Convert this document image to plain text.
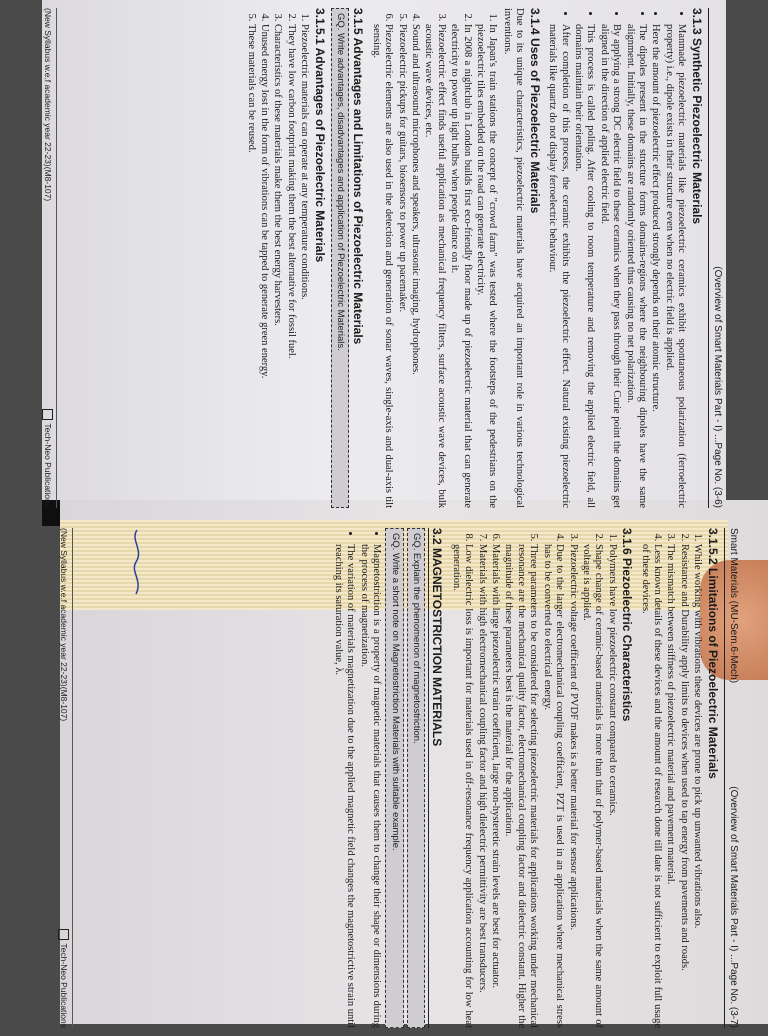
(Overview of Smart Materials Part - I) ...Page No. (3-6)
3.1.3 Synthetic Piezoelectric Materials
• Manmade piezoelectric materials like piezoelectric ceramics exhibit spontaneous polarization (ferroelectric property) i.e., dipole exists in their structure even when no electric field is applied.
• Here the amount of piezoelectric effect produced strongly depends on their atomic structure.
• The dipoles present in the structure forms domains-regions where the neighbouring dipoles have the same alignment. Initially, these domains are randomly oriented thus causing no net polarization.
• By applying a strong DC electric field to these ceramics when they pass through their Curie point the domains get aligned in the direction of applied electric field.
• This process is called poling. After cooling to room temperature and removing the applied electric field, all domains maintain their orientation.
• After completion of this process, the ceramic exhibits the piezoelectric effect. Natural existing piezoelectric materials like quartz do not display ferroelectric behaviour.
3.1.4 Uses of Piezoelectric Materials

Due to its unique characteristics, piezoelectric materials have acquired an important role in various technological inventions.

1. In Japan's train stations the concept of "crowd farm" was tested where the footsteps of the pedestrians on the piezoelectric tiles embedded on the road can generate electricity.
2. In 2008 a nightclub in London builds first eco-friendly floor made up of piezoelectric material that can generate electricity to power up light bulbs when people dance on it.
3. Piezoelectric effect finds useful application as mechanical frequency filters, surface acoustic wave devices, bulk acoustic wave devices, etc.
4. Sound and ultrasound microphones and speakers, ultrasonic imaging, hydrophones.
5. Piezoelectric pickups for guitars, biosensors to power up pacemaker.
6. Piezoelectric elements are also used in the detection and generation of sonar waves, single-axis and dual-axis tilt sensing.
3.1.5 Advantages and Limitations of Piezoelectric Materials
GQ. Write advantages, disadvantages and application of Piezoelectric Materials.
3.1.5.1 Advantages of Piezoelectric Materials
1. Piezoelectric materials can operate at any temperature conditions.
2. They have low carbon footprint making them the best alternative for fossil fuel.
3. Characteristics of these materials make them the best energy harvesters.
4. Unused energy lost in the form of vibrations can be tapped to generate green energy.
5. These materials can be reused.
(New Syllabus w.e.f academic year 22-23)(M8-107)
Tech-Neo Publications
Smart Materials (MU-Sem.6-Mech)
(Overview of Smart Materials Part - I) ...Page No. (3-7)
3.1.5.2 Limitations of Piezoelectric Materials
1. While working with vibrations these devices are prone to pick up unwanted vibrations also.
2. Resistance and Durability apply limits to devices when used to tap energy from pavements and roads.
3. The mismatch between stiffness of piezoelectric material and pavement material.
4. Less known details of these devices and the amount of research done till date is not sufficient to exploit full usage of these devices.
3.1.6 Piezoelectric Characteristics
1. Polymers have low piezoelectric constant compared to ceramics.
2. Shape change of ceramic-based materials is more than that of polymer-based materials when the same amount of voltage is applied.
3. Piezoelectric voltage coefficient of PVDF makes is a better material for sensor applications.
4. Due to the larger electromechanical coupling coefficient, PZT is used in an application where mechanical stress has to be converted to electrical energy.
5. Three parameters to be considered for selecting piezoelectric materials for applications working under mechanical resonance are the mechanical quality factor, electromechanical coupling factor and dielectric constant. Higher the magnitude of these parameters best is the material for the application.
6. Materials with large piezoelectric strain coefficient, large non-hysteretic strain levels are best for actuator.
7. Materials with high electromechanical coupling factor and high dielectric permittivity are best transducers.
8. Low dielectric loss is important for materials used in off-resonance frequency application accounting for low heat generation.
3.2 MAGNETOSTRICTION MATERIALS
GQ. Explain the phenomenon of magnetostriction.
GQ. Write a short note on Magnetostriction Materials with suitable example.
• Magnetostriction is a property of magnetic materials that causes them to change their shape or dimensions during the process of magnetization.
• The variation of materials magnetization due to the applied magnetic field changes the magnetostrictive strain until reaching its saturation value, λ.
(New Syllabus w.e.f academic year 22-23)(M8-107)
Tech-Neo Publications
